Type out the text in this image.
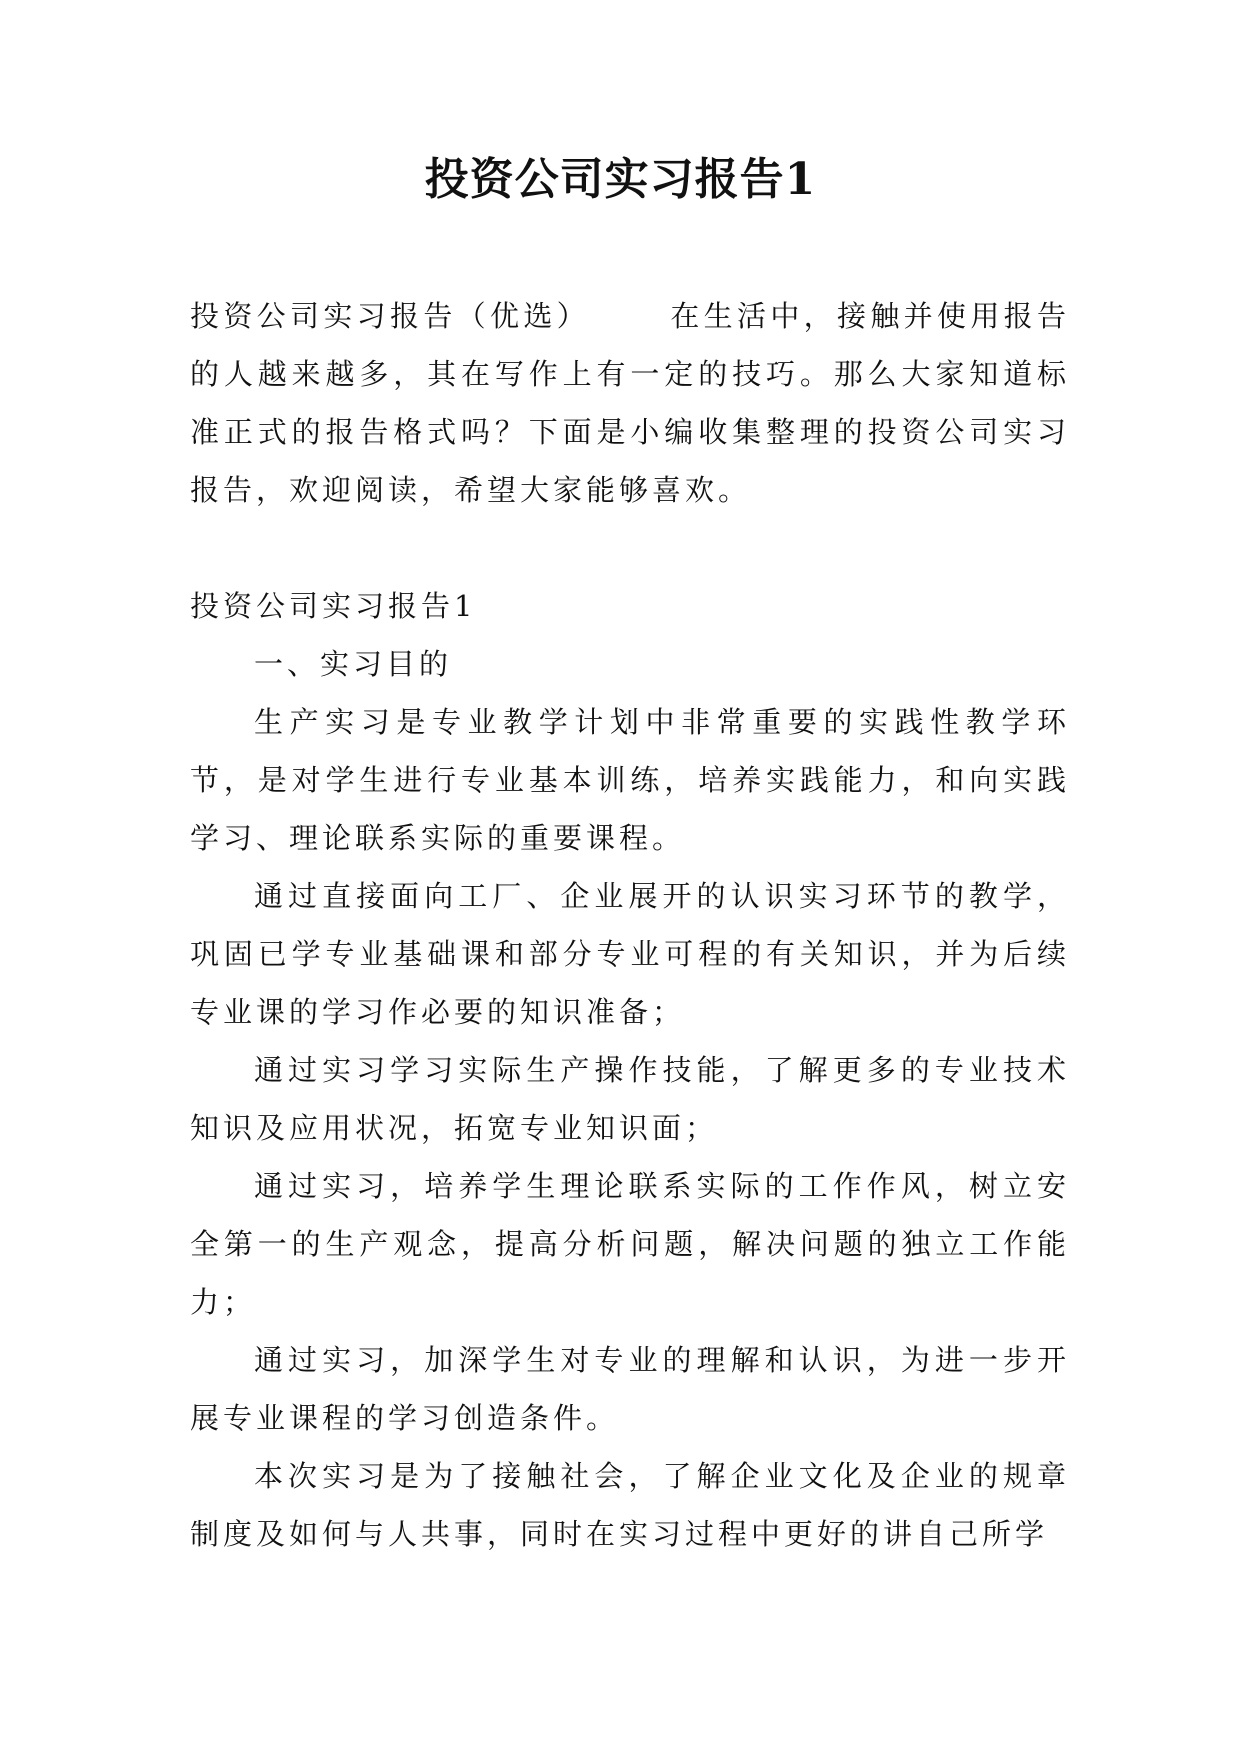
投资公司实习报告1

投资公司实习报告（优选）	在生活中，接触并使用报告的人越来越多，其在写作上有一定的技巧。那么大家知道标准正式的报告格式吗？下面是小编收集整理的投资公司实习报告，欢迎阅读，希望大家能够喜欢。

投资公司实习报告1

一、实习目的

生产实习是专业教学计划中非常重要的实践性教学环节，是对学生进行专业基本训练，培养实践能力，和向实践学习、理论联系实际的重要课程。

通过直接面向工厂、企业展开的认识实习环节的教学，巩固已学专业基础课和部分专业可程的有关知识，并为后续专业课的学习作必要的知识准备；

通过实习学习实际生产操作技能，了解更多的专业技术知识及应用状况，拓宽专业知识面；

通过实习，培养学生理论联系实际的工作作风，树立安全第一的生产观念，提高分析问题，解决问题的独立工作能力；

通过实习，加深学生对专业的理解和认识，为进一步开展专业课程的学习创造条件。

本次实习是为了接触社会，了解企业文化及企业的规章制度及如何与人共事，同时在实习过程中更好的讲自己所学
